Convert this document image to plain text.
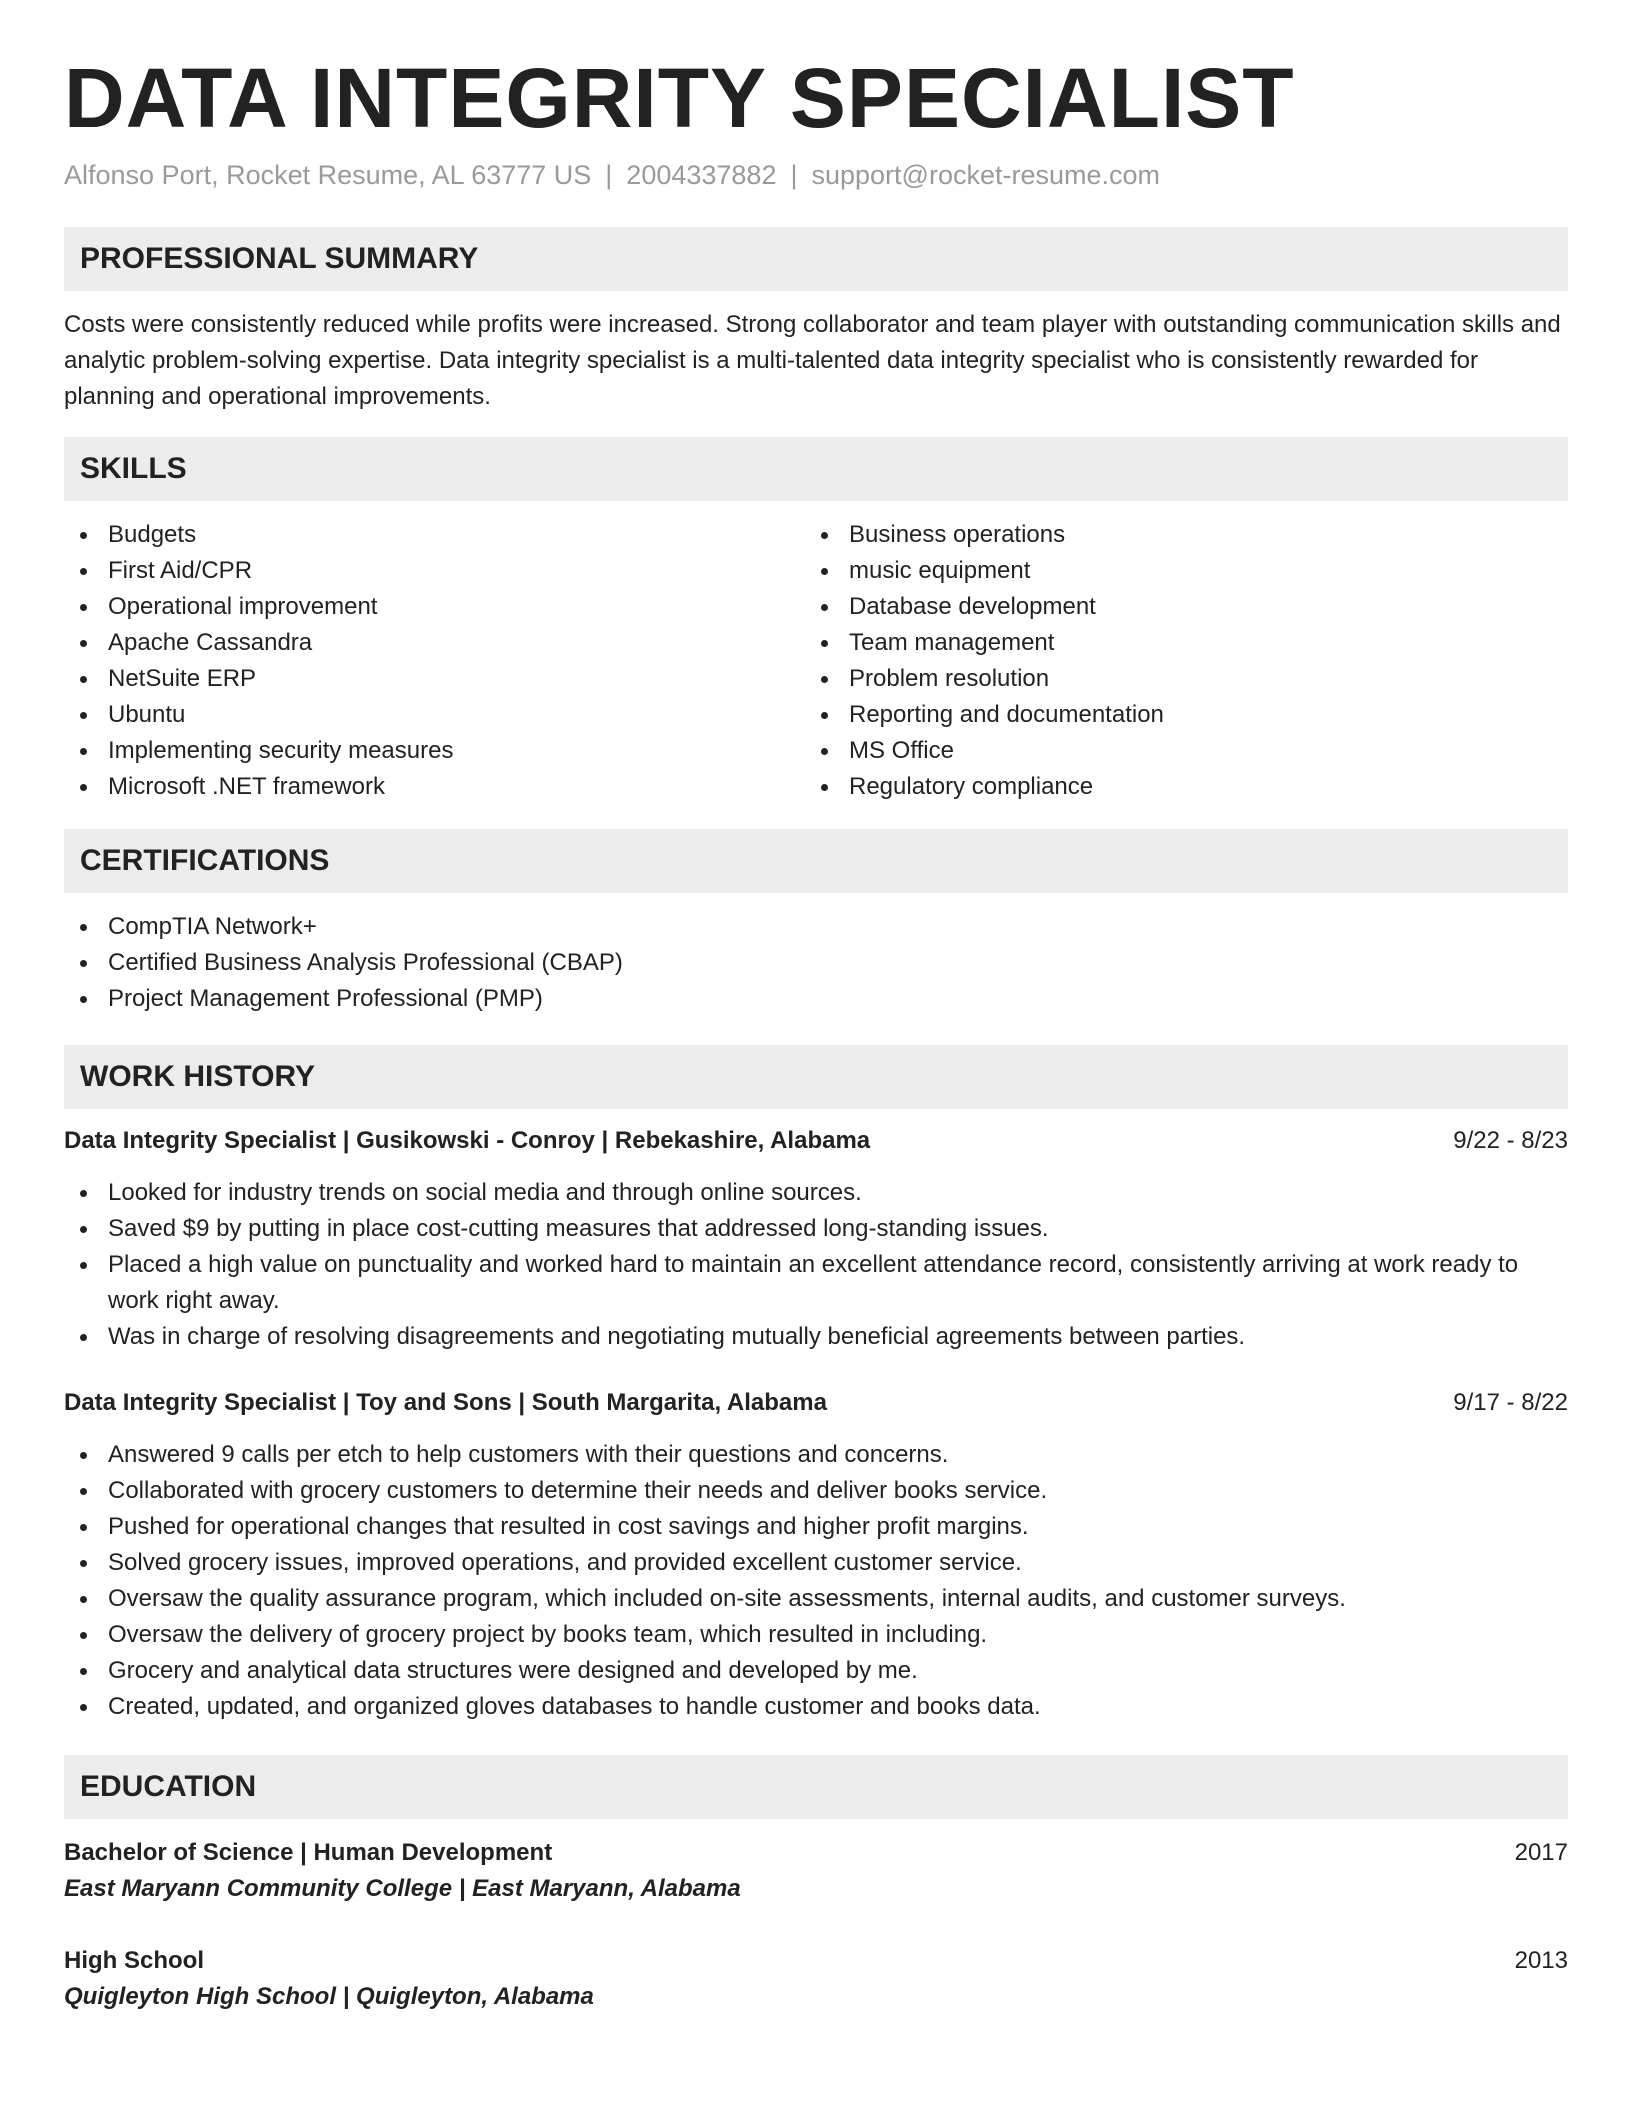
DATA INTEGRITY SPECIALIST
Alfonso Port, Rocket Resume, AL 63777 US | 2004337882 | support@rocket-resume.com
PROFESSIONAL SUMMARY

Costs were consistently reduced while profits were increased. Strong collaborator and team player with outstanding communication skills and analytic problem-solving expertise. Data integrity specialist is a multi-talented data integrity specialist who is consistently rewarded for planning and operational improvements.

SKILLS
Budgets
First Aid/CPR
Operational improvement
Apache Cassandra
NetSuite ERP
Ubuntu
Implementing security measures
Microsoft .NET framework
Business operations
music equipment
Database development
Team management
Problem resolution
Reporting and documentation
MS Office
Regulatory compliance
CERTIFICATIONS
CompTIA Network+
Certified Business Analysis Professional (CBAP)
Project Management Professional (PMP)
WORK HISTORY
Data Integrity Specialist | Gusikowski - Conroy | Rebekashire, Alabama	9/22 - 8/23
Looked for industry trends on social media and through online sources.
Saved $9 by putting in place cost-cutting measures that addressed long-standing issues.
Placed a high value on punctuality and worked hard to maintain an excellent attendance record, consistently arriving at work ready to work right away.
Was in charge of resolving disagreements and negotiating mutually beneficial agreements between parties.
Data Integrity Specialist | Toy and Sons | South Margarita, Alabama	9/17 - 8/22
Answered 9 calls per etch to help customers with their questions and concerns.
Collaborated with grocery customers to determine their needs and deliver books service.
Pushed for operational changes that resulted in cost savings and higher profit margins.
Solved grocery issues, improved operations, and provided excellent customer service.
Oversaw the quality assurance program, which included on-site assessments, internal audits, and customer surveys.
Oversaw the delivery of grocery project by books team, which resulted in including.
Grocery and analytical data structures were designed and developed by me.
Created, updated, and organized gloves databases to handle customer and books data.
EDUCATION
Bachelor of Science | Human Development	2017
East Maryann Community College | East Maryann, Alabama
High School	2013
Quigleyton High School | Quigleyton, Alabama
